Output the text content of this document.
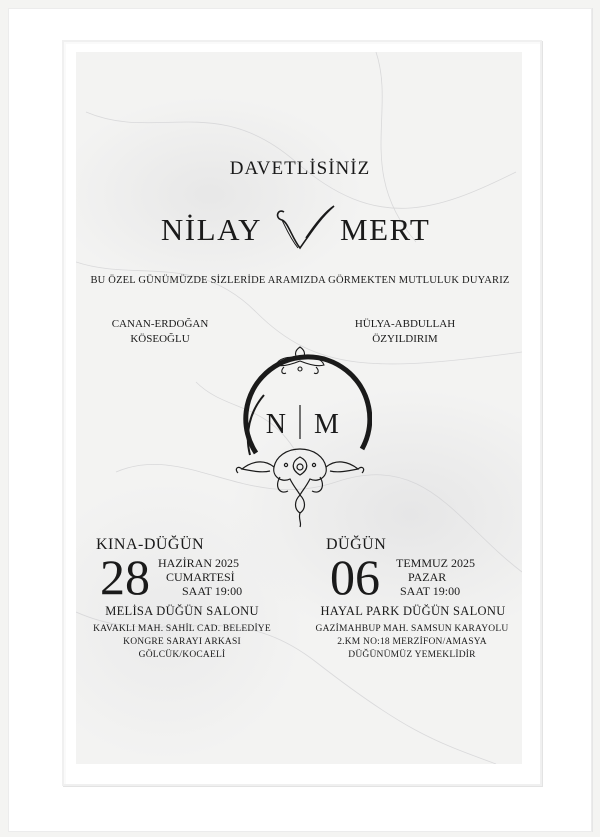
DAVETLİSİNİZ
NİLAY	MERT
BU ÖZEL GÜNÜMÜZDE SİZLERİDE ARAMIZDA GÖRMEKTEN MUTLULUK DUYARIZ
CANAN-ERDOĞAN
KÖSEOĞLU
HÜLYA-ABDULLAH
ÖZYILDIRIM
N M
KINA-DÜĞÜN
28 HAZİRAN 2025
CUMARTESİ
SAAT 19:00
MELİSA DÜĞÜN SALONU
KAVAKLI MAH. SAHİL CAD. BELEDİYE
KONGRE SARAYI ARKASI
GÖLCÜK/KOCAELİ
DÜĞÜN
06 TEMMUZ 2025
PAZAR
SAAT 19:00
HAYAL PARK DÜĞÜN SALONU
GAZİMAHBUP MAH. SAMSUN KARAYOLU
2.KM NO:18 MERZİFON/AMASYA
DÜĞÜNÜMÜZ YEMEKLİDİR
